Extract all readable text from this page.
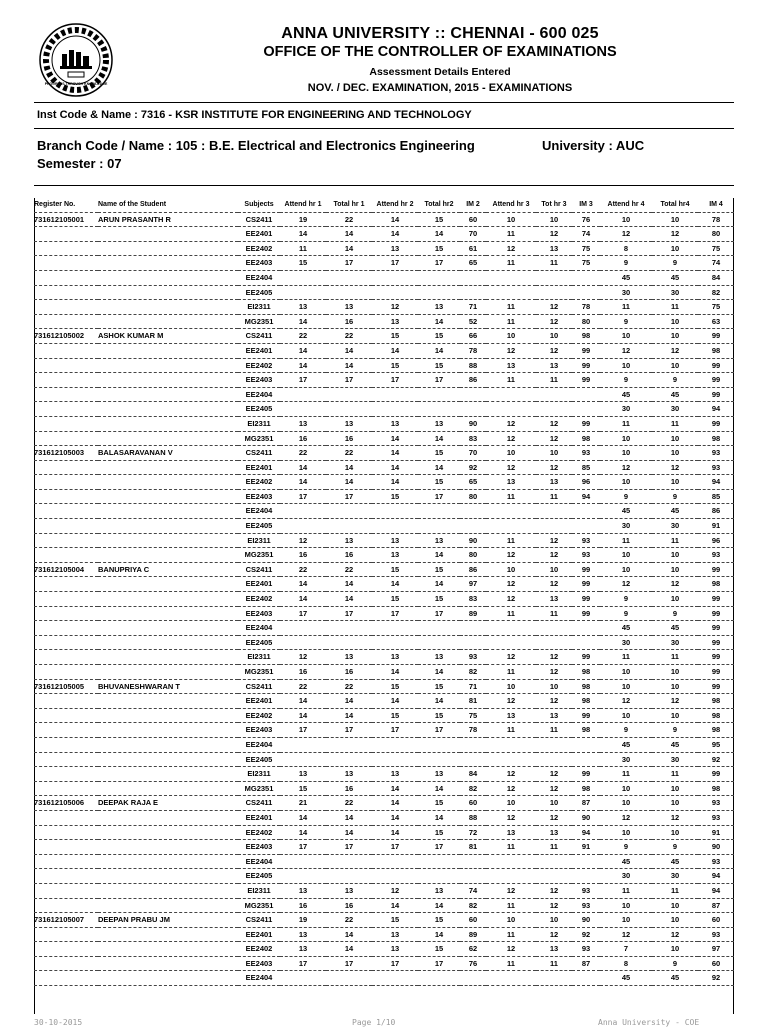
PROGRESS THROUGH KNOWLEDGE
ANNA UNIVERSITY :: CHENNAI - 600 025
OFFICE OF THE CONTROLLER OF EXAMINATIONS
Assessment Details Entered
NOV. / DEC. EXAMINATION, 2015 - EXAMINATIONS
Inst Code & Name : 7316 - KSR INSTITUTE FOR ENGINEERING AND TECHNOLOGY
Branch Code / Name : 105 : B.E. Electrical and Electronics Engineering	University : AUC
Semester : 07
Register No.	Name of the Student	Subjects	Attend hr 1	Total hr 1	Attend hr 2	Total hr2	IM 2	Attend hr 3	Tot hr 3	IM 3	Attend hr 4	Total hr4	IM 4
731612105001	ARUN PRASANTH R	CS2411	19	22	14	15	60	10	10	76	10	10	78
		EE2401	14	14	14	14	70	11	12	74	12	12	80
		EE2402	11	14	13	15	61	12	13	75	8	10	75
		EE2403	15	17	17	17	65	11	11	75	9	9	74
		EE2404									45	45	84
		EE2405									30	30	82
		EI2311	13	13	12	13	71	11	12	78	11	11	75
		MG2351	14	16	13	14	52	11	12	80	9	10	63
731612105002	ASHOK KUMAR M	CS2411	22	22	15	15	66	10	10	98	10	10	99
		EE2401	14	14	14	14	78	12	12	99	12	12	98
		EE2402	14	14	15	15	88	13	13	99	10	10	99
		EE2403	17	17	17	17	86	11	11	99	9	9	99
		EE2404									45	45	99
		EE2405									30	30	94
		EI2311	13	13	13	13	90	12	12	99	11	11	99
		MG2351	16	16	14	14	83	12	12	98	10	10	98
731612105003	BALASARAVANAN V	CS2411	22	22	14	15	70	10	10	93	10	10	93
		EE2401	14	14	14	14	92	12	12	85	12	12	93
		EE2402	14	14	14	15	65	13	13	96	10	10	94
		EE2403	17	17	15	17	80	11	11	94	9	9	85
		EE2404									45	45	86
		EE2405									30	30	91
		EI2311	12	13	13	13	90	11	12	93	11	11	96
		MG2351	16	16	13	14	80	12	12	93	10	10	93
731612105004	BANUPRIYA C	CS2411	22	22	15	15	86	10	10	99	10	10	99
		EE2401	14	14	14	14	97	12	12	99	12	12	98
		EE2402	14	14	15	15	83	12	13	99	9	10	99
		EE2403	17	17	17	17	89	11	11	99	9	9	99
		EE2404									45	45	99
		EE2405									30	30	99
		EI2311	12	13	13	13	93	12	12	99	11	11	99
		MG2351	16	16	14	14	82	11	12	98	10	10	99
731612105005	BHUVANESHWARAN T	CS2411	22	22	15	15	71	10	10	98	10	10	99
		EE2401	14	14	14	14	81	12	12	98	12	12	98
		EE2402	14	14	15	15	75	13	13	99	10	10	98
		EE2403	17	17	17	17	78	11	11	98	9	9	98
		EE2404									45	45	95
		EE2405									30	30	92
		EI2311	13	13	13	13	84	12	12	99	11	11	99
		MG2351	15	16	14	14	82	12	12	98	10	10	98
731612105006	DEEPAK RAJA E	CS2411	21	22	14	15	60	10	10	87	10	10	93
		EE2401	14	14	14	14	88	12	12	90	12	12	93
		EE2402	14	14	14	15	72	13	13	94	10	10	91
		EE2403	17	17	17	17	81	11	11	91	9	9	90
		EE2404									45	45	93
		EE2405									30	30	94
		EI2311	13	13	12	13	74	12	12	93	11	11	94
		MG2351	16	16	14	14	82	11	12	93	10	10	87
731612105007	DEEPAN PRABU JM	CS2411	19	22	15	15	60	10	10	90	10	10	60
		EE2401	13	14	13	14	89	11	12	92	12	12	93
		EE2402	13	14	13	15	62	12	13	93	7	10	97
		EE2403	17	17	17	17	76	11	11	87	8	9	60
		EE2404									45	45	92
30-10-2015	Page 1/10	Anna University - COE
